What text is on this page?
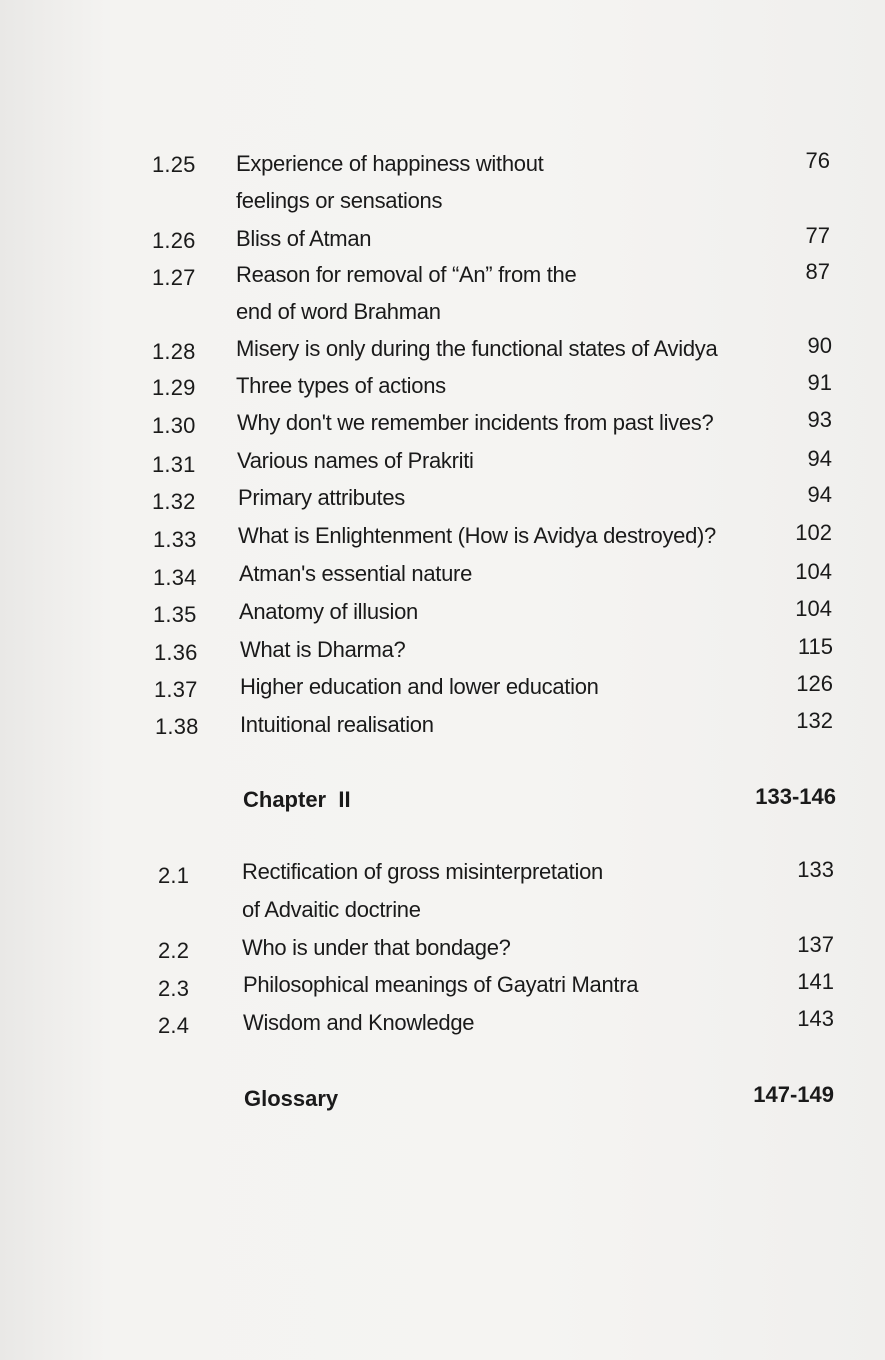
1.25 Experience of happiness without
feelings or sensations
76
1.26 Bliss of Atman	77
1.27 Reason for removal of “An” from the
end of word Brahman
87
1.28 Misery is only during the functional states of Avidya	90
1.29 Three types of actions	91
1.30 Why don't we remember incidents from past lives?	93
1.31 Various names of Prakriti	94
1.32 Primary attributes	94
1.33 What is Enlightenment (How is Avidya destroyed)?	102
1.34 Atman's essential nature	104
1.35 Anatomy of illusion	104
1.36 What is Dharma?	115
1.37 Higher education and lower education	126
1.38 Intuitional realisation	132
Chapter  II	133-146
2.1 Rectification of gross misinterpretation
of Advaitic doctrine
133
2.2 Who is under that bondage?	137
2.3 Philosophical meanings of Gayatri Mantra	141
2.4 Wisdom and Knowledge	143
Glossary	147-149
